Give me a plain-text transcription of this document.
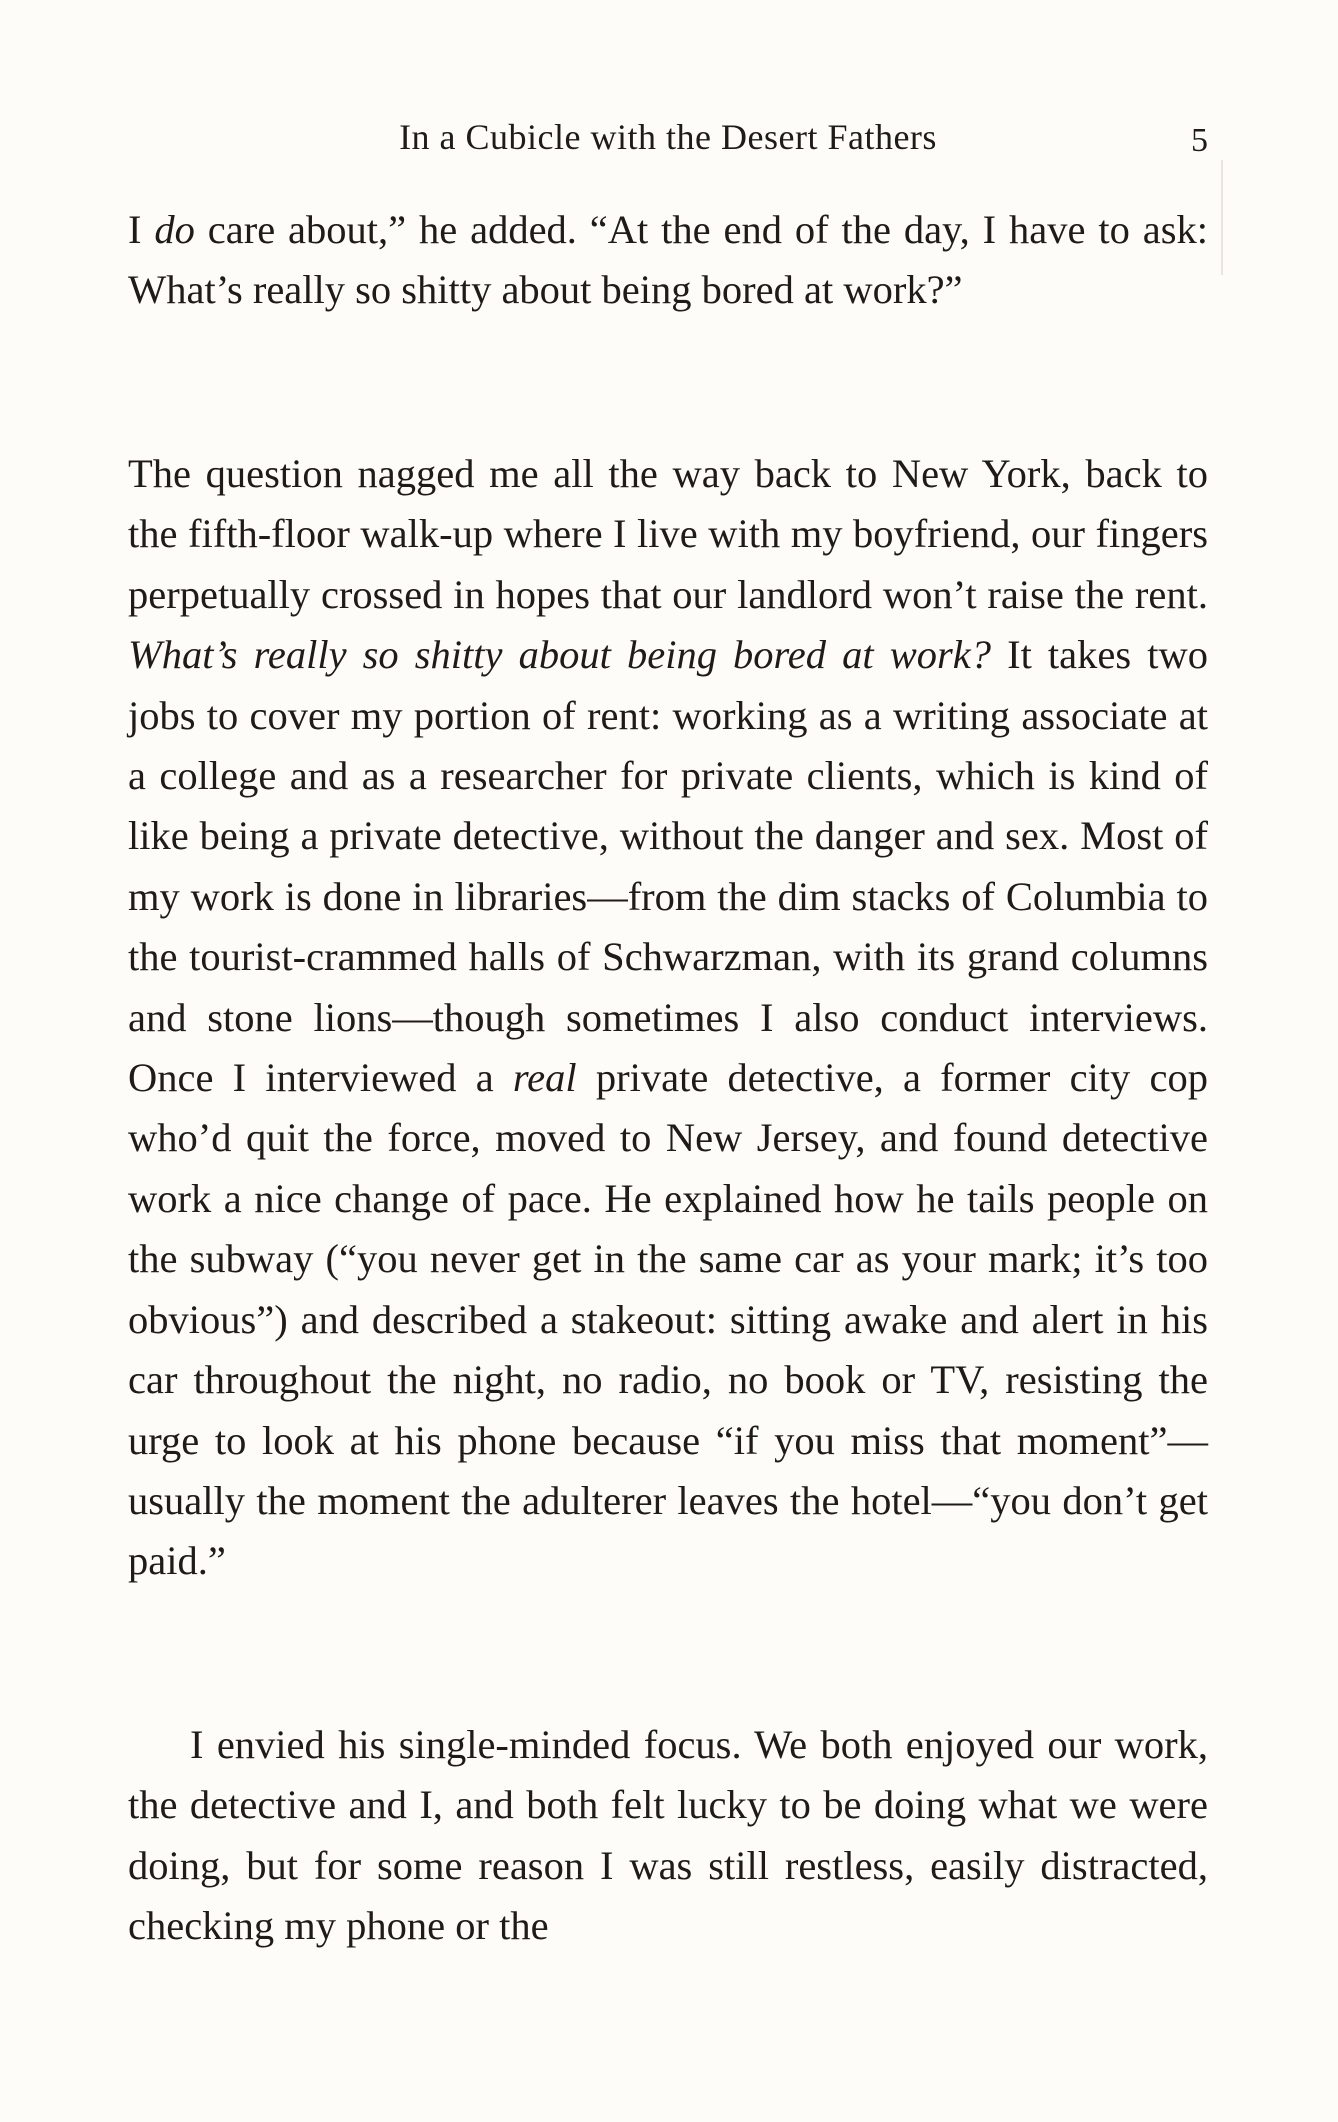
In a Cubicle with the Desert Fathers	5

I do care about,” he added. “At the end of the day, I have to ask: What’s really so shitty about being bored at work?”

The question nagged me all the way back to New York, back to the fifth-floor walk-up where I live with my boyfriend, our fingers perpetually crossed in hopes that our landlord won’t raise the rent. What’s really so shitty about being bored at work? It takes two jobs to cover my portion of rent: working as a writing associate at a college and as a researcher for private clients, which is kind of like being a private detective, without the danger and sex. Most of my work is done in libraries—from the dim stacks of Columbia to the tourist-crammed halls of Schwarzman, with its grand columns and stone lions—though sometimes I also conduct interviews. Once I interviewed a real private detective, a former city cop who’d quit the force, moved to New Jersey, and found detective work a nice change of pace. He explained how he tails people on the subway (“you never get in the same car as your mark; it’s too obvious”) and described a stakeout: sitting awake and alert in his car throughout the night, no radio, no book or TV, resisting the urge to look at his phone because “if you miss that moment”—usually the moment the adulterer leaves the hotel—“you don’t get paid.”

I envied his single-minded focus. We both enjoyed our work, the detective and I, and both felt lucky to be doing what we were doing, but for some reason I was still restless, easily distracted, checking my phone or the
